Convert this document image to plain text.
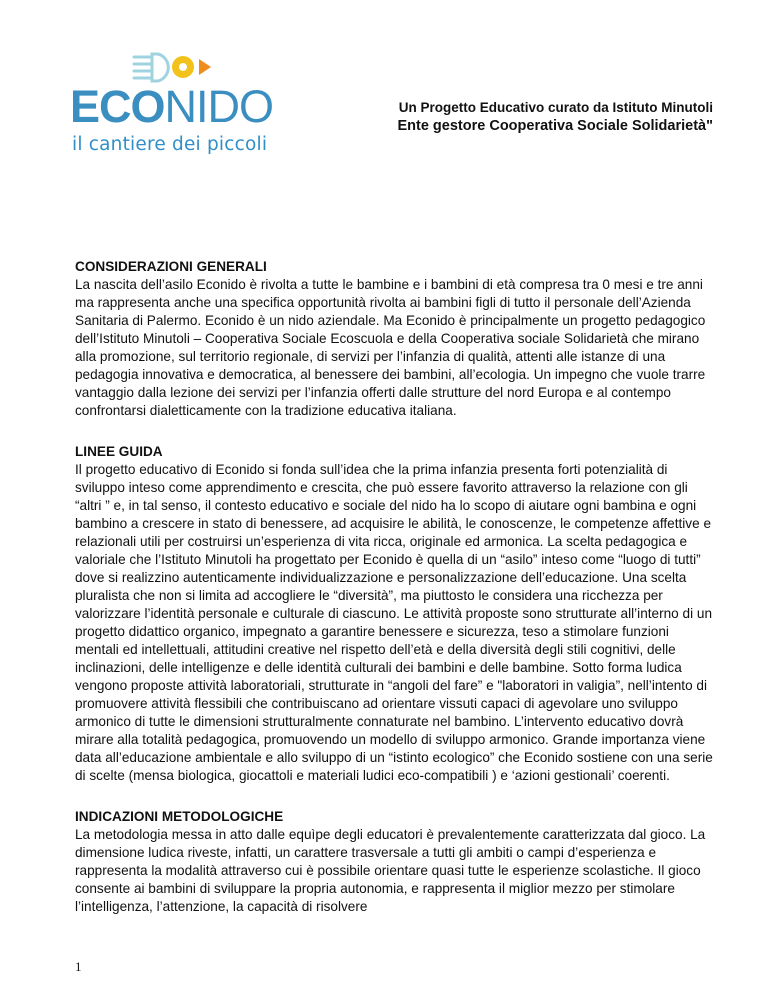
ECONIDO
il cantiere dei piccoli
Un Progetto Educativo curato da Istituto Minutoli
Ente gestore Cooperativa Sociale Solidarietà"
CONSIDERAZIONI GENERALI

La nascita dell’asilo Econido è rivolta a tutte le bambine e i bambini di età compresa tra 0 mesi e tre anni ma rappresenta anche una specifica opportunità rivolta ai bambini figli di tutto il personale dell’Azienda Sanitaria di Palermo. Econido è un nido aziendale. Ma Econido è principalmente un progetto pedagogico dell’Istituto Minutoli – Cooperativa Sociale Ecoscuola e della Cooperativa sociale Solidarietà che mirano alla promozione, sul territorio regionale, di servizi per l’infanzia di qualità, attenti alle istanze di una pedagogia innovativa e democratica, al benessere dei bambini, all’ecologia. Un impegno che vuole trarre vantaggio dalla lezione dei servizi per l’infanzia offerti dalle strutture del nord Europa e al contempo confrontarsi dialetticamente con la tradizione educativa italiana.

LINEE GUIDA

Il progetto educativo di Econido si fonda sull’idea che la prima infanzia presenta forti potenzialità di sviluppo inteso come apprendimento e crescita, che può essere favorito attraverso la relazione con gli “altri ” e, in tal senso, il contesto educativo e sociale del nido ha lo scopo di aiutare ogni bambina e ogni bambino a crescere in stato di benessere, ad acquisire le abilità, le conoscenze, le competenze affettive e relazionali utili per costruirsi un’esperienza di vita ricca, originale ed armonica. La scelta pedagogica e valoriale che l’Istituto Minutoli ha progettato per Econido è quella di un “asilo” inteso come “luogo di tutti” dove si realizzino autenticamente individualizzazione e personalizzazione dell’educazione. Una scelta pluralista che non si limita ad accogliere le “diversità”, ma piuttosto le considera una ricchezza per valorizzare l’identità personale e culturale di ciascuno. Le attività proposte sono strutturate all’interno di un progetto didattico organico, impegnato a garantire benessere e sicurezza, teso a stimolare funzioni mentali ed intellettuali, attitudini creative nel rispetto dell’età e della diversità degli stili cognitivi, delle inclinazioni, delle intelligenze e delle identità culturali dei bambini e delle bambine. Sotto forma ludica vengono proposte attività laboratoriali, strutturate in “angoli del fare” e "laboratori in valigia”, nell’intento di promuovere attività flessibili che contribuiscano ad orientare vissuti capaci di agevolare uno sviluppo armonico di tutte le dimensioni strutturalmente connaturate nel bambino. L’intervento educativo dovrà mirare alla totalità pedagogica, promuovendo un modello di sviluppo armonico. Grande importanza viene data all’educazione ambientale e allo sviluppo di un “istinto ecologico” che Econido sostiene con una serie di scelte (mensa biologica, giocattoli e materiali ludici eco-compatibili ) e ‘azioni gestionali’ coerenti.

INDICAZIONI METODOLOGICHE

La metodologia messa in atto dalle equìpe degli educatori è prevalentemente caratterizzata dal gioco. La dimensione ludica riveste, infatti, un carattere trasversale a tutti gli ambiti o campi d’esperienza e rappresenta la modalità attraverso cui è possibile orientare quasi tutte le esperienze scolastiche. Il gioco consente ai bambini di sviluppare la propria autonomia, e rappresenta il miglior mezzo per stimolare l’intelligenza, l’attenzione, la capacità di risolvere

1
